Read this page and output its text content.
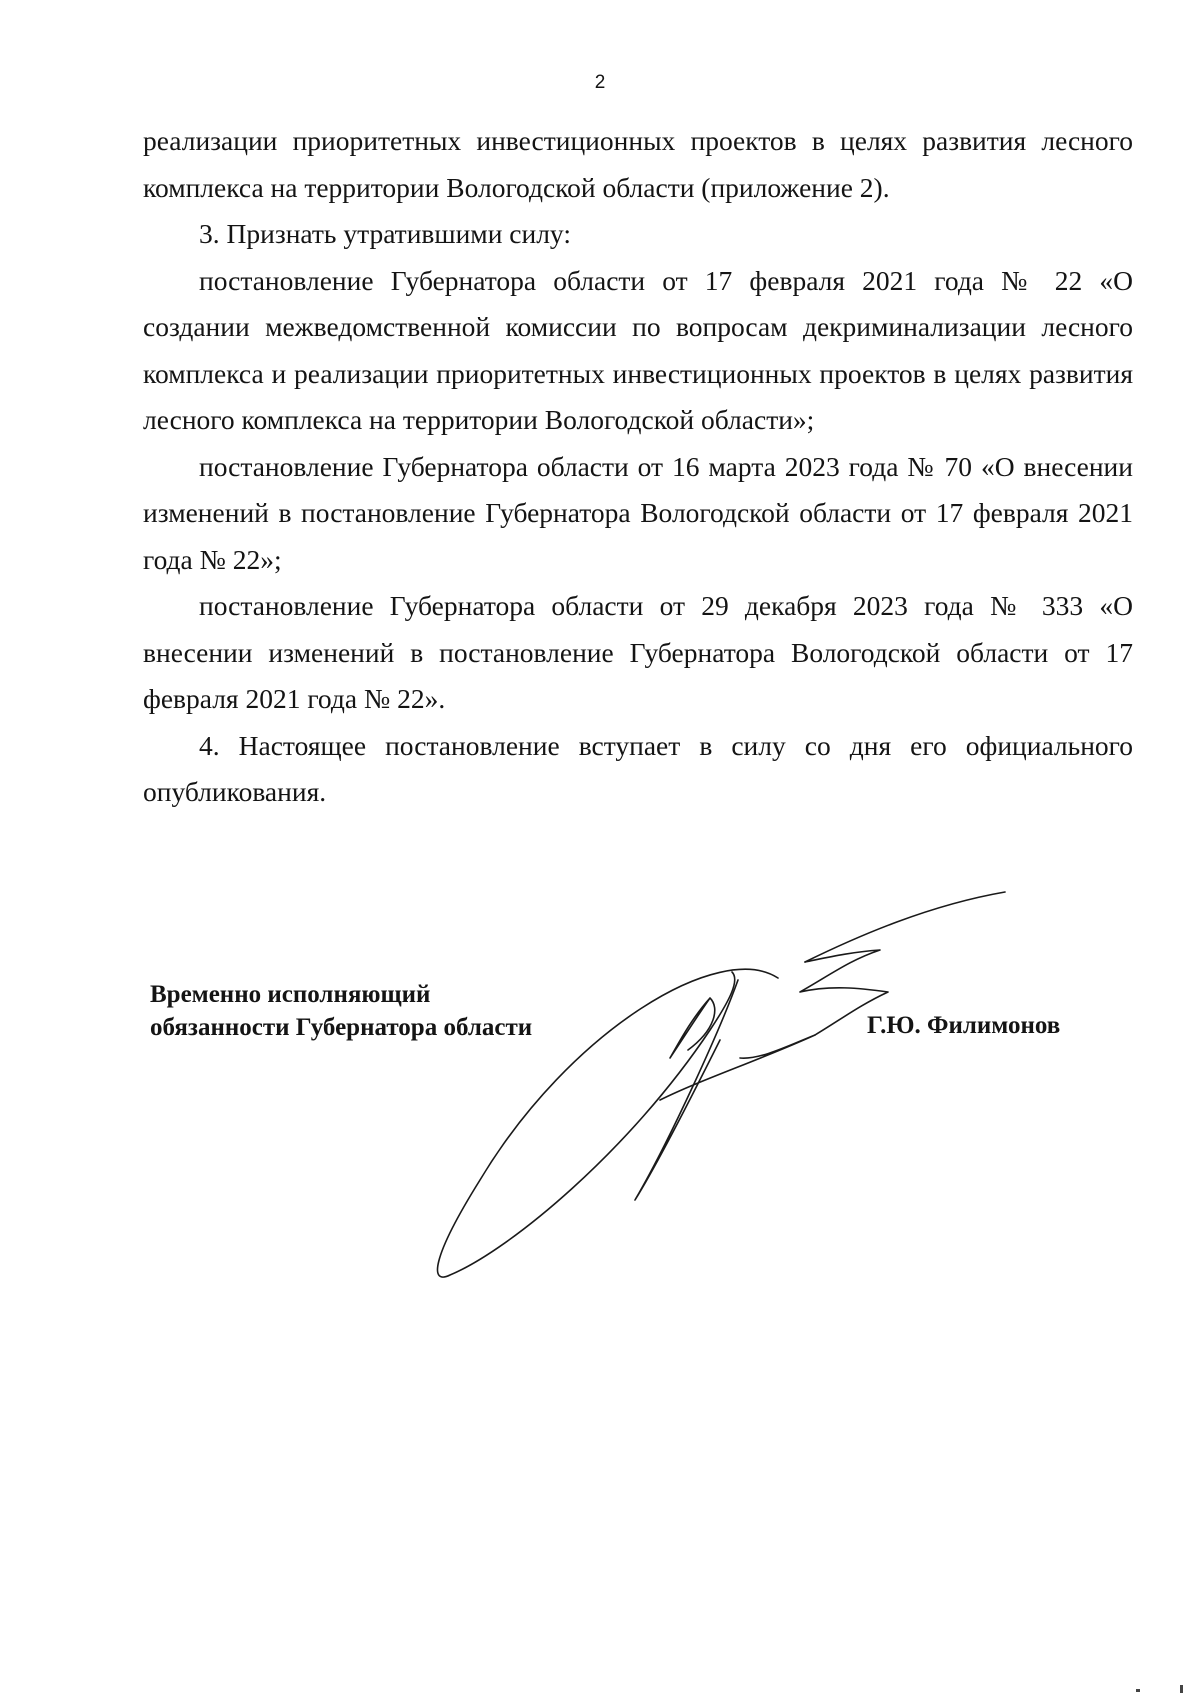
2

реализации приоритетных инвестиционных проектов в целях развития лесного комплекса на территории Вологодской области (приложение 2).

3. Признать утратившими силу:

постановление Губернатора области от 17 февраля 2021 года № 22 «О создании межведомственной комиссии по вопросам декриминализации лесного комплекса и реализации приоритетных инвестиционных проектов в целях развития лесного комплекса на территории Вологодской области»;

постановление Губернатора области от 16 марта 2023 года № 70 «О внесении изменений в постановление Губернатора Вологодской области от 17 февраля 2021 года № 22»;

постановление Губернатора области от 29 декабря 2023 года № 333 «О внесении изменений в постановление Губернатора Вологодской области от 17 февраля 2021 года № 22».

4. Настоящее постановление вступает в силу со дня его официального опубликования.

Временно исполняющий
обязанности Губернатора области	Г.Ю. Филимонов
